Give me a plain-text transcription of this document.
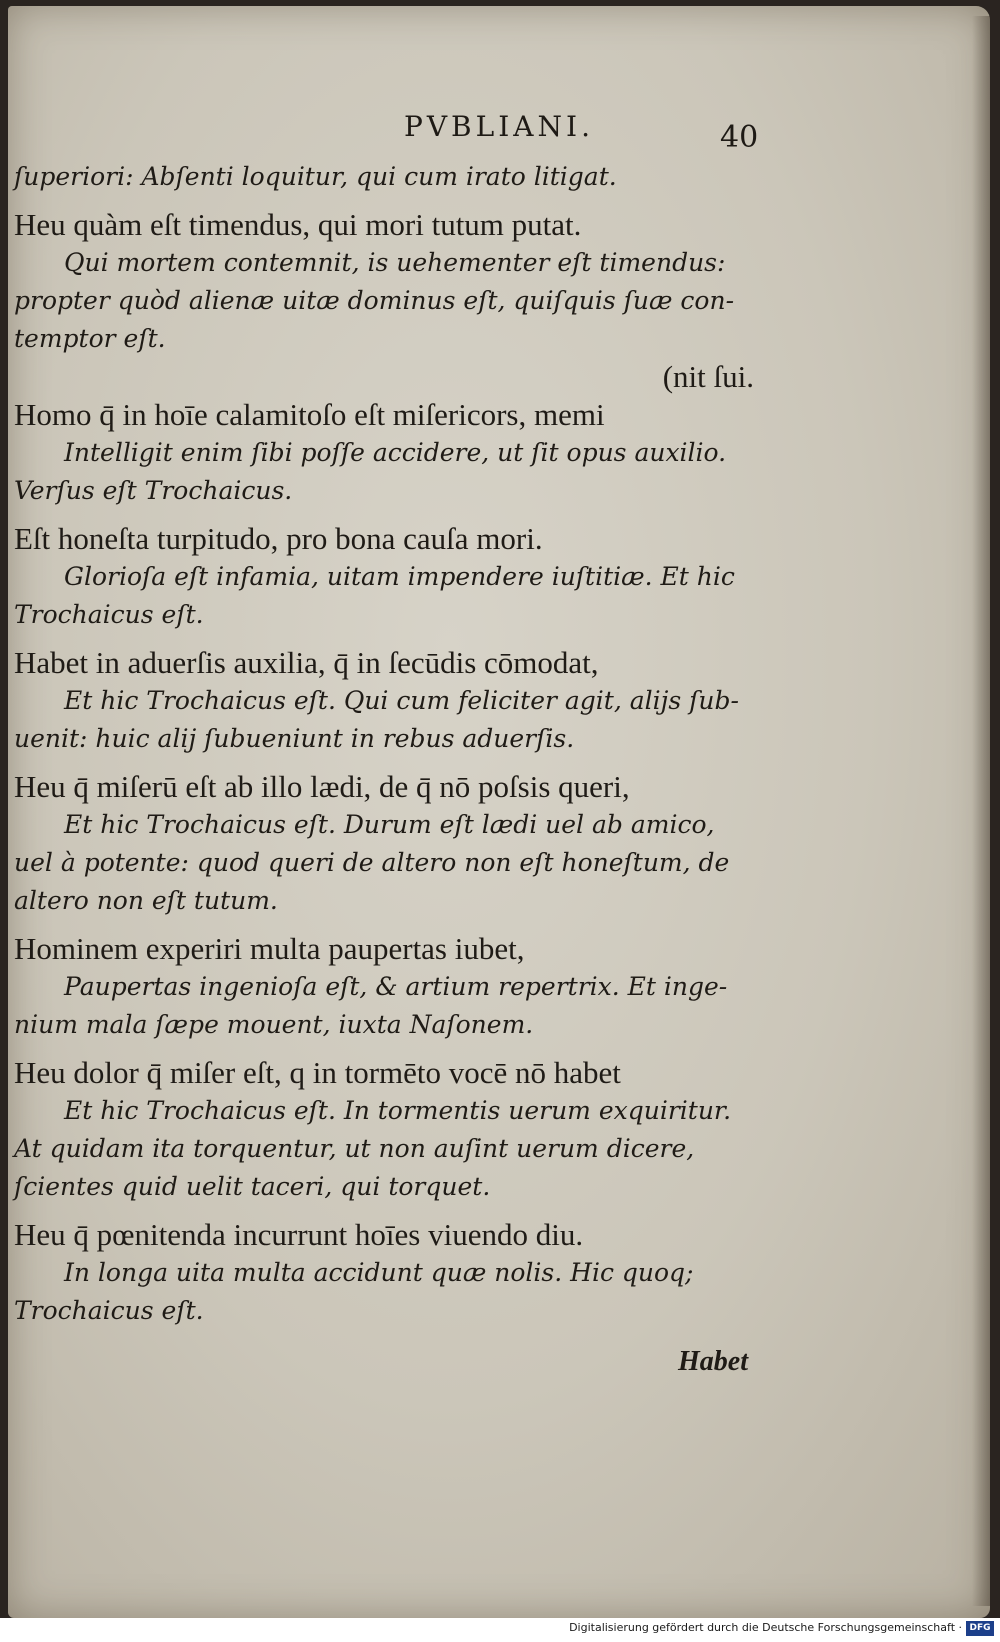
PVBLIANI.	40
ſuperiori: Abſenti loquitur, qui cum irato litigat.
Heu quàm eſt timendus, qui mori tutum putat.
Qui mortem contemnit, is uehementer eſt timendus:
propter quòd alienæ uitæ dominus eſt, quiſquis ſuæ con-
temptor eſt.
(nit ſui.
Homo q̄ in hoīe calamitoſo eſt miſericors, memi
Intelligit enim ſibi poſſe accidere, ut ſit opus auxilio.
Verſus eſt Trochaicus.
Eſt honeſta turpitudo, pro bona cauſa mori.
Glorioſa eſt infamia, uitam impendere iuſtitiæ. Et hic
Trochaicus eſt.
Habet in aduerſis auxilia, q̄ in ſecūdis cōmodat,
Et hic Trochaicus eſt. Qui cum feliciter agit, alijs ſub-
uenit: huic alij ſubueniunt in rebus aduerſis.
Heu q̄ miſerū eſt ab illo lædi, de q̄ nō poſsis queri,
Et hic Trochaicus eſt. Durum eſt lædi uel ab amico,
uel à potente: quod queri de altero non eſt honeſtum, de
altero non eſt tutum.
Hominem experiri multa paupertas iubet,
Paupertas ingenioſa eſt, & artium repertrix. Et inge-
nium mala ſæpe mouent, iuxta Naſonem.
Heu dolor q̄ miſer eſt, q in tormēto vocē nō habet
Et hic Trochaicus eſt. In tormentis uerum exquiritur.
At quidam ita torquentur, ut non auſint uerum dicere,
ſcientes quid uelit taceri, qui torquet.
Heu q̄ pœnitenda incurrunt hoīes viuendo diu.
In longa uita multa accidunt quæ nolis. Hic quoq;
Trochaicus eſt.
Habet
Digitalisierung gefördert durch die Deutsche Forschungsgemeinschaft · DFG
